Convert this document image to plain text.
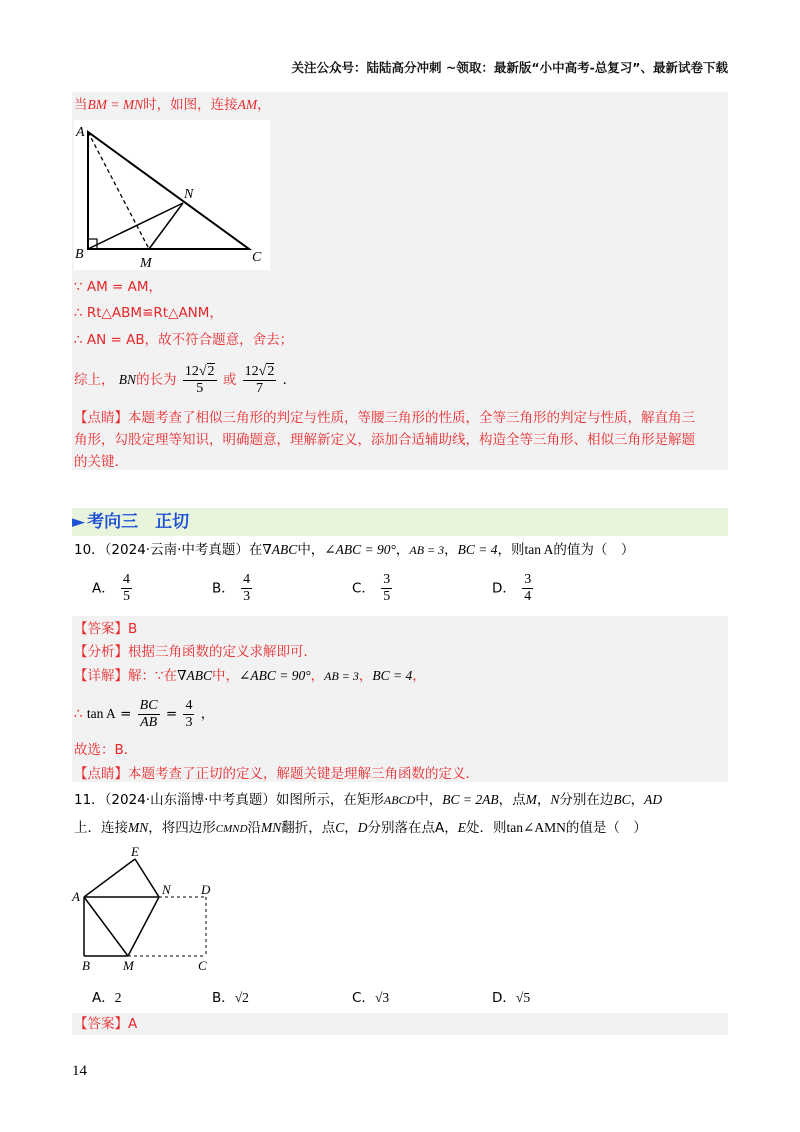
关注公众号：陆陆高分冲刺 ~领取：最新版“小中高考-总复习”、最新试卷下载
当BM = MN时，如图，连接AM，
A
N
B
M	C
∵ AM = AM，
∴ Rt△ABM≌Rt△ANM，
∴ AN = AB，故不符合题意，舍去；
综上， BN的长为 $\frac{12√2}{5}$ 或 $\frac{12√2}{7}$ ．
【点睛】本题考查了相似三角形的判定与性质，等腰三角形的性质，全等三角形的判定与性质，解直角三
角形，勾股定理等知识，明确题意，理解新定义，添加合适辅助线，构造全等三角形、相似三角形是解题
的关键．
► 考向三　正切
10．（2024·云南·中考真题）在∇ABC中，∠ABC = 90°，AB = 3，BC = 4，则tan A的值为（　）
A． $\frac{4}{5}$	B． $\frac{4}{3}$	C． $\frac{3}{5}$	D． $\frac{3}{4}$
【答案】B
【分析】根据三角函数的定义求解即可．
【详解】解：∵在∇ABC中，∠ABC = 90°，AB = 3，BC = 4，
∴ $\tan A = \frac{BC}{AB} = \frac{4}{3}$ ，
故选：B．
【点睛】本题考查了正切的定义，解题关键是理解三角函数的定义．
11．（2024·山东淄博·中考真题）如图所示，在矩形ABCD中，BC = 2AB，点M，N分别在边BC，AD
上．连接MN，将四边形CMND沿MN翻折，点C，D分别落在点A，E处．则tan∠AMN的值是（　）
E
A	N D
B	M	C
A．2	B．√2	C．√3	D．√5
【答案】A
14
